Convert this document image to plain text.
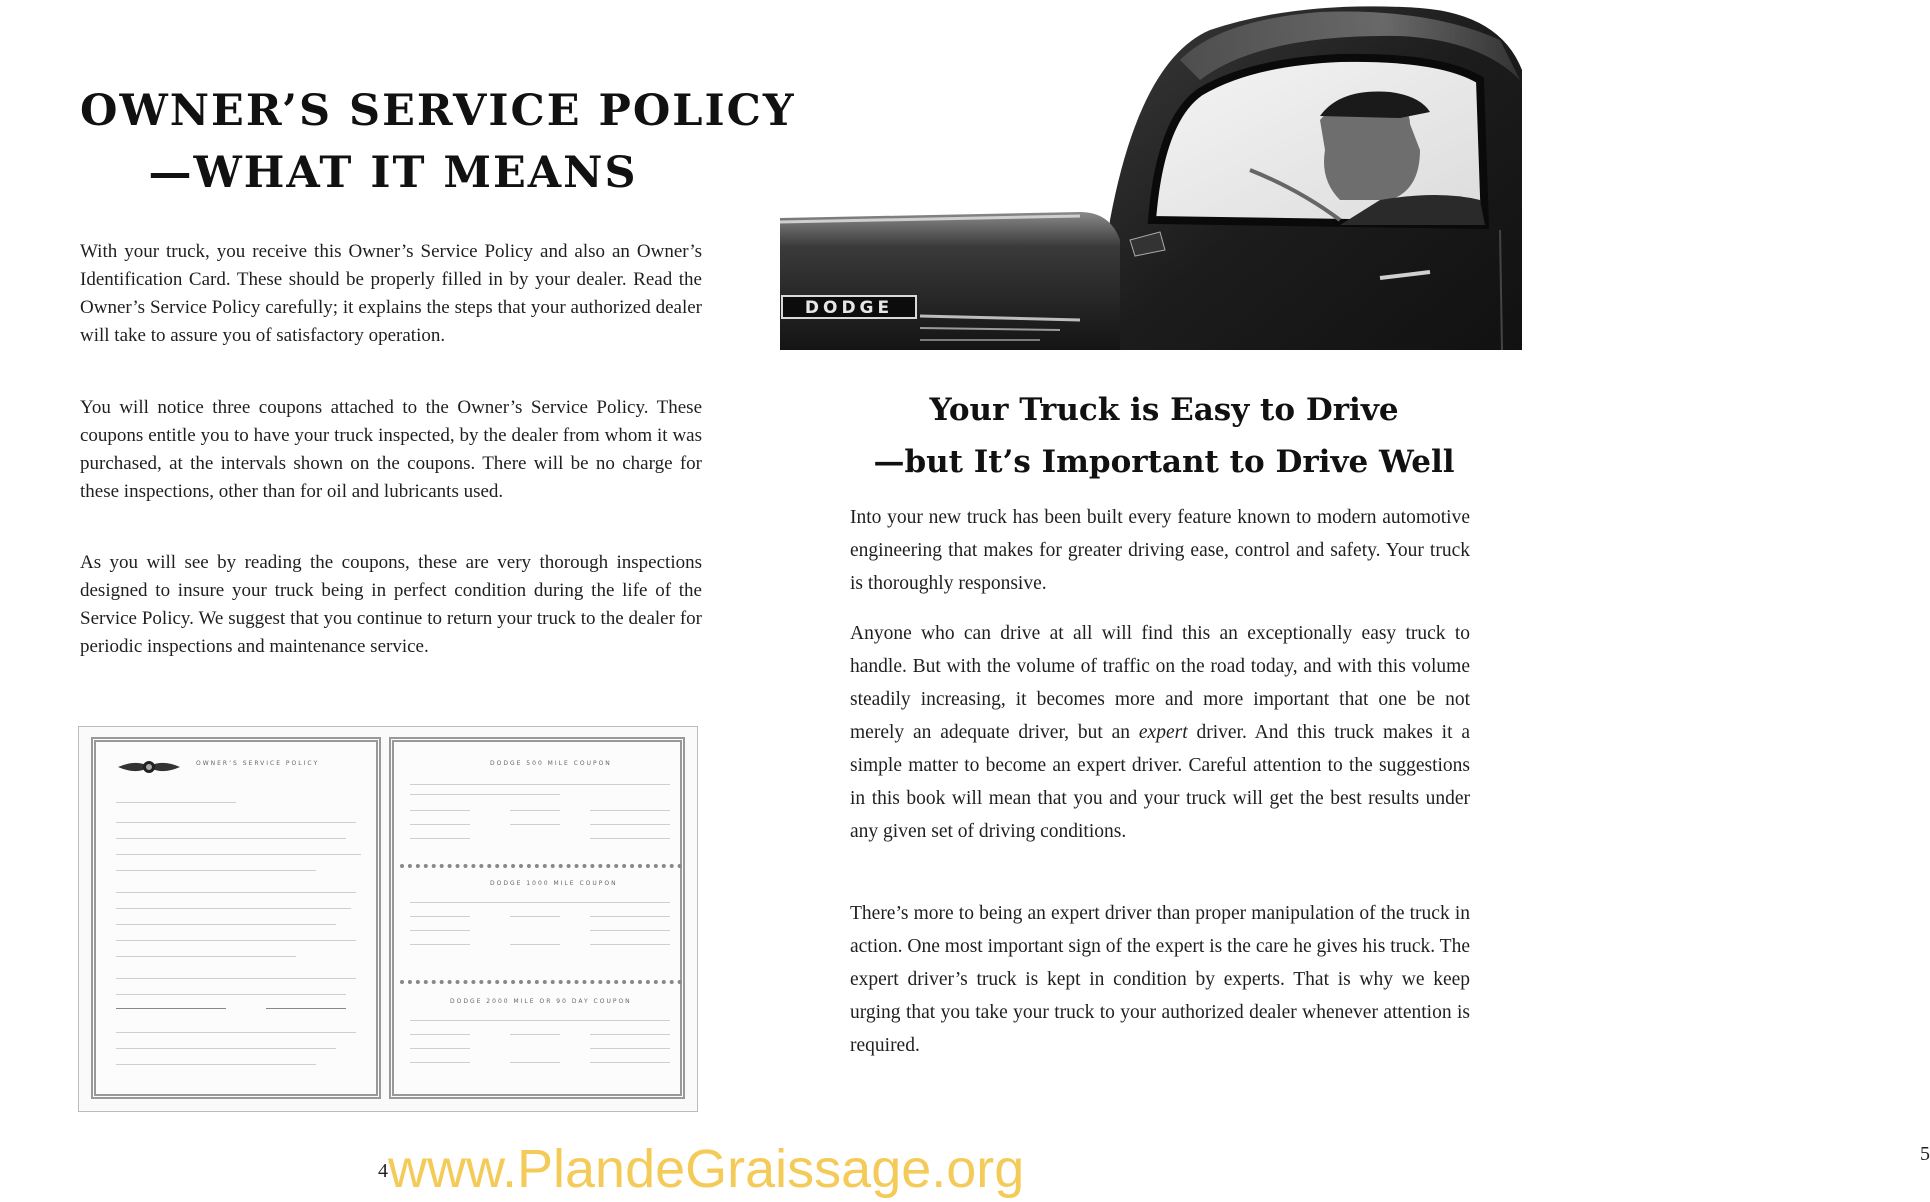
OWNER’S SERVICE POLICY
—WHAT IT MEANS

With your truck, you receive this Owner’s Service Policy and also an Owner’s Identification Card. These should be properly filled in by your dealer. Read the Owner’s Service Policy carefully; it explains the steps that your authorized dealer will take to assure you of satisfactory operation.

You will notice three coupons attached to the Owner’s Service Policy. These coupons entitle you to have your truck inspected, by the dealer from whom it was purchased, at the intervals shown on the coupons. There will be no charge for these inspections, other than for oil and lubricants used.

As you will see by reading the coupons, these are very thorough inspections designed to insure your truck being in perfect condition during the life of the Service Policy. We suggest that you continue to return your truck to the dealer for periodic inspections and maintenance service.

OWNER’S SERVICE POLICY	DODGE 500 MILE COUPON
DODGE 1000 MILE COUPON
DODGE 2000 MILE OR 90 DAY COUPON
4
DODGE
Your Truck is Easy to Drive
—but It’s Important to Drive Well

Into your new truck has been built every feature known to modern automotive engineering that makes for greater driving ease, control and safety. Your truck is thoroughly responsive.

Anyone who can drive at all will find this an exceptionally easy truck to handle. But with the volume of traffic on the road today, and with this volume steadily increasing, it becomes more and more important that one be not merely an adequate driver, but an expert driver. And this truck makes it a simple matter to become an expert driver. Careful attention to the suggestions in this book will mean that you and your truck will get the best results under any given set of driving conditions.

There’s more to being an expert driver than proper manipulation of the truck in action. One most important sign of the expert is the care he gives his truck. The expert driver’s truck is kept in condition by experts. That is why we keep urging that you take your truck to your authorized dealer whenever attention is required.

5
www.PlandeGraissage.org
